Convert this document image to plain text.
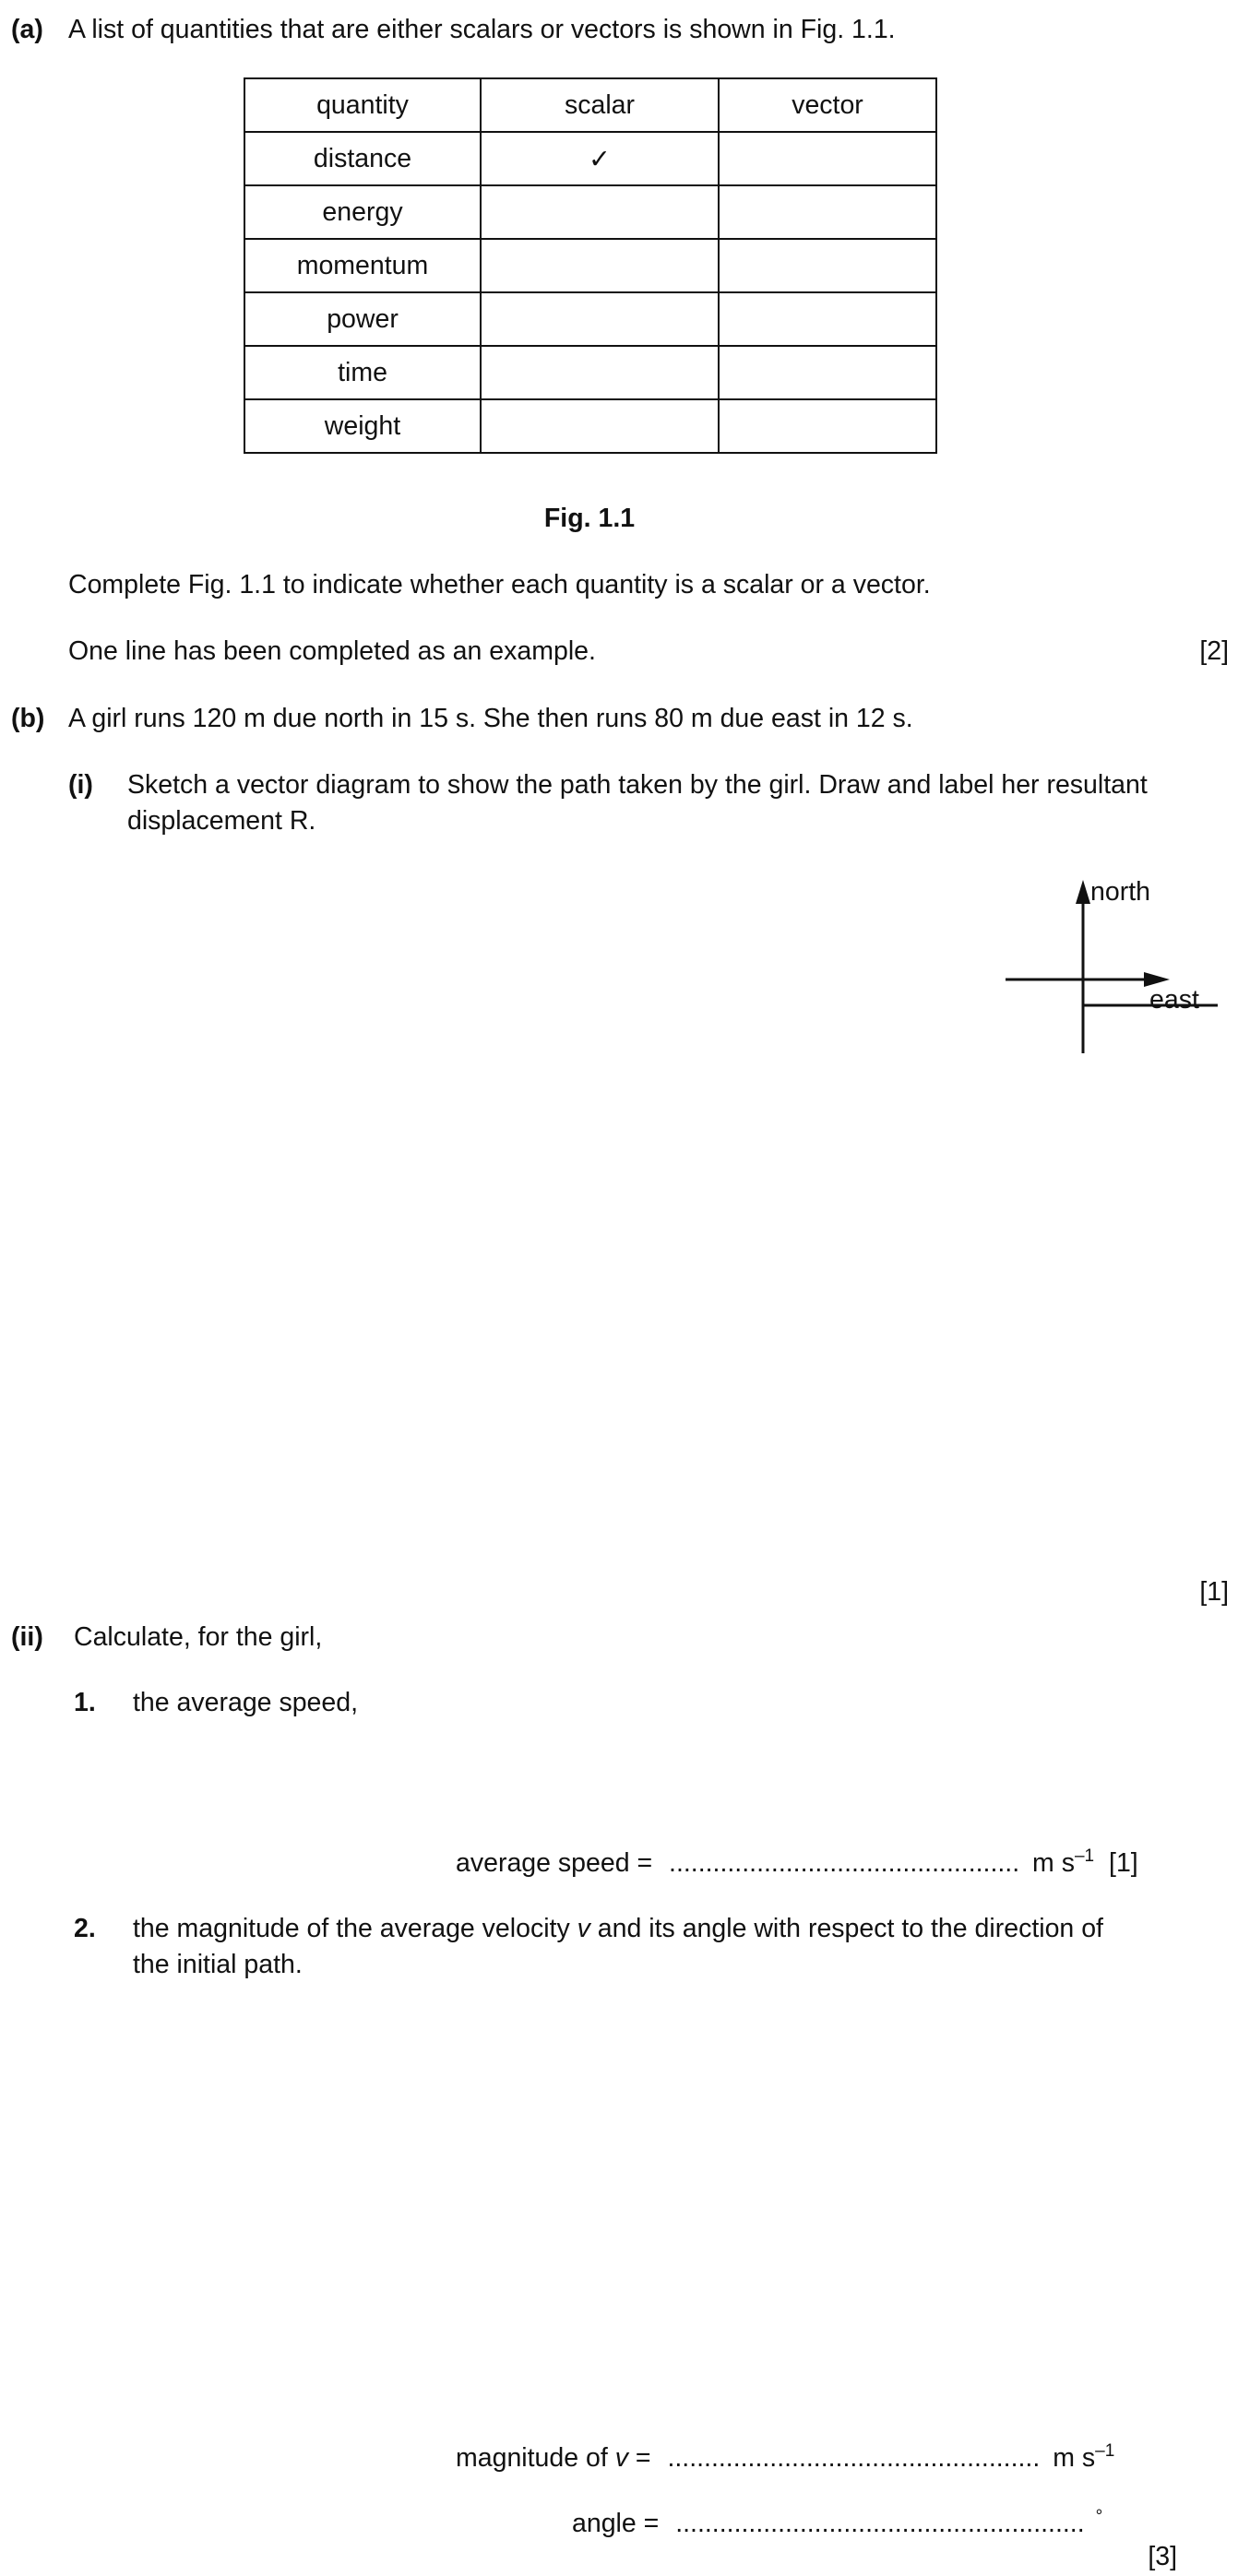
(a) A list of quantities that are either scalars or vectors is shown in Fig. 1.1.
quantity	scalar	vector
distance	✓	
energy		
momentum		
power		
time		
weight		
Fig. 1.1
Complete Fig. 1.1 to indicate whether each quantity is a scalar or a vector.
One line has been completed as an example.	[2]
(b) A girl runs 120 m due north in 15 s. She then runs 80 m due east in 12 s.
(i) Sketch a vector diagram to show the path taken by the girl. Draw and label her resultant
displacement R.
north
east
[1]
(ii) Calculate, for the girl,
1. the average speed,
average speed = ................................................ m $s^{-1}$ [1]
2. the magnitude of the average velocity v and its angle with respect to the direction of
the initial path.
magnitude of v = ................................................... m $s^{-1}$
angle = ........................................................ °
[3]
